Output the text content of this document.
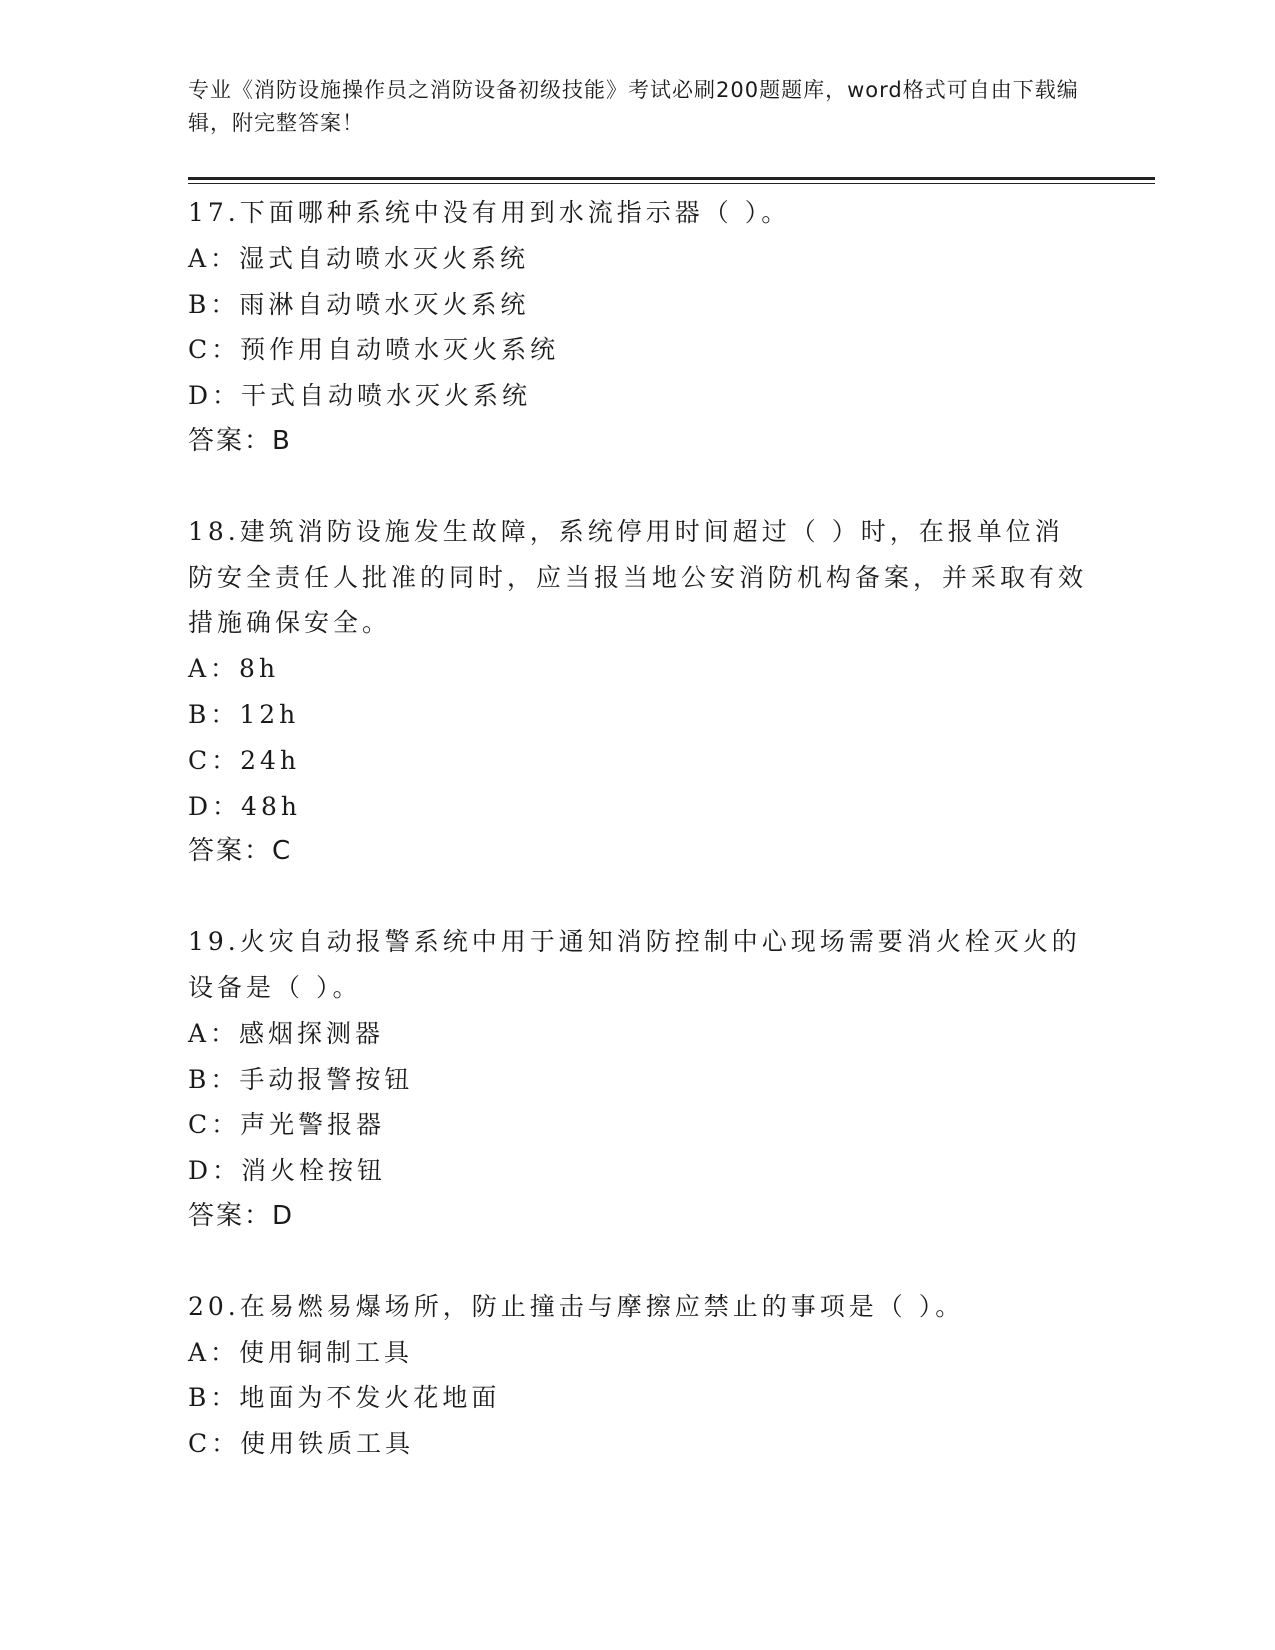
专业《消防设施操作员之消防设备初级技能》考试必刷200题题库，word格式可自由下载编辑，附完整答案！

17.下面哪种系统中没有用到水流指示器（ ）。

A：湿式自动喷水灭火系统

B：雨淋自动喷水灭火系统

C：预作用自动喷水灭火系统

D：干式自动喷水灭火系统

答案：B

18.建筑消防设施发生故障，系统停用时间超过（ ）时，在报单位消防安全责任人批准的同时，应当报当地公安消防机构备案，并采取有效措施确保安全。

A：8h

B：12h

C：24h

D：48h

答案：C

19.火灾自动报警系统中用于通知消防控制中心现场需要消火栓灭火的设备是（ ）。

A：感烟探测器

B：手动报警按钮

C：声光警报器

D：消火栓按钮

答案：D

20.在易燃易爆场所，防止撞击与摩擦应禁止的事项是（ ）。

A：使用铜制工具

B：地面为不发火花地面

C：使用铁质工具
